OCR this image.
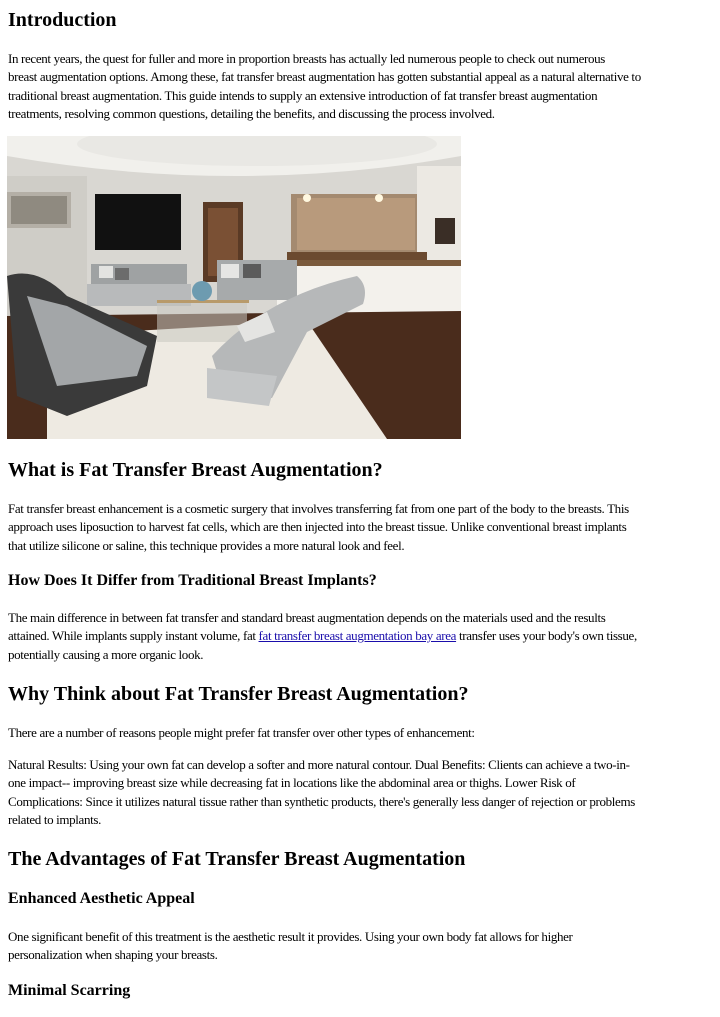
Introduction

In recent years, the quest for fuller and more in proportion breasts has actually led numerous people to check out numerous
breast augmentation options. Among these, fat transfer breast augmentation has gotten substantial appeal as a natural alternative to
traditional breast augmentation. This guide intends to supply an extensive introduction of fat transfer breast augmentation
treatments, resolving common questions, detailing the benefits, and discussing the process involved.

What is Fat Transfer Breast Augmentation?

Fat transfer breast enhancement is a cosmetic surgery that involves transferring fat from one part of the body to the breasts. This
approach uses liposuction to harvest fat cells, which are then injected into the breast tissue. Unlike conventional breast implants
that utilize silicone or saline, this technique provides a more natural look and feel.

How Does It Differ from Traditional Breast Implants?

The main difference in between fat transfer and standard breast augmentation depends on the materials used and the results
attained. While implants supply instant volume, fat fat transfer breast augmentation bay area transfer uses your body's own tissue,
potentially causing a more organic look.

Why Think about Fat Transfer Breast Augmentation?

There are a number of reasons people might prefer fat transfer over other types of enhancement:

Natural Results: Using your own fat can develop a softer and more natural contour. Dual Benefits: Clients can achieve a two-in-
one impact-- improving breast size while decreasing fat in locations like the abdominal area or thighs. Lower Risk of
Complications: Since it utilizes natural tissue rather than synthetic products, there's generally less danger of rejection or problems
related to implants.

The Advantages of Fat Transfer Breast Augmentation
Enhanced Aesthetic Appeal

One significant benefit of this treatment is the aesthetic result it provides. Using your own body fat allows for higher
personalization when shaping your breasts.

Minimal Scarring
